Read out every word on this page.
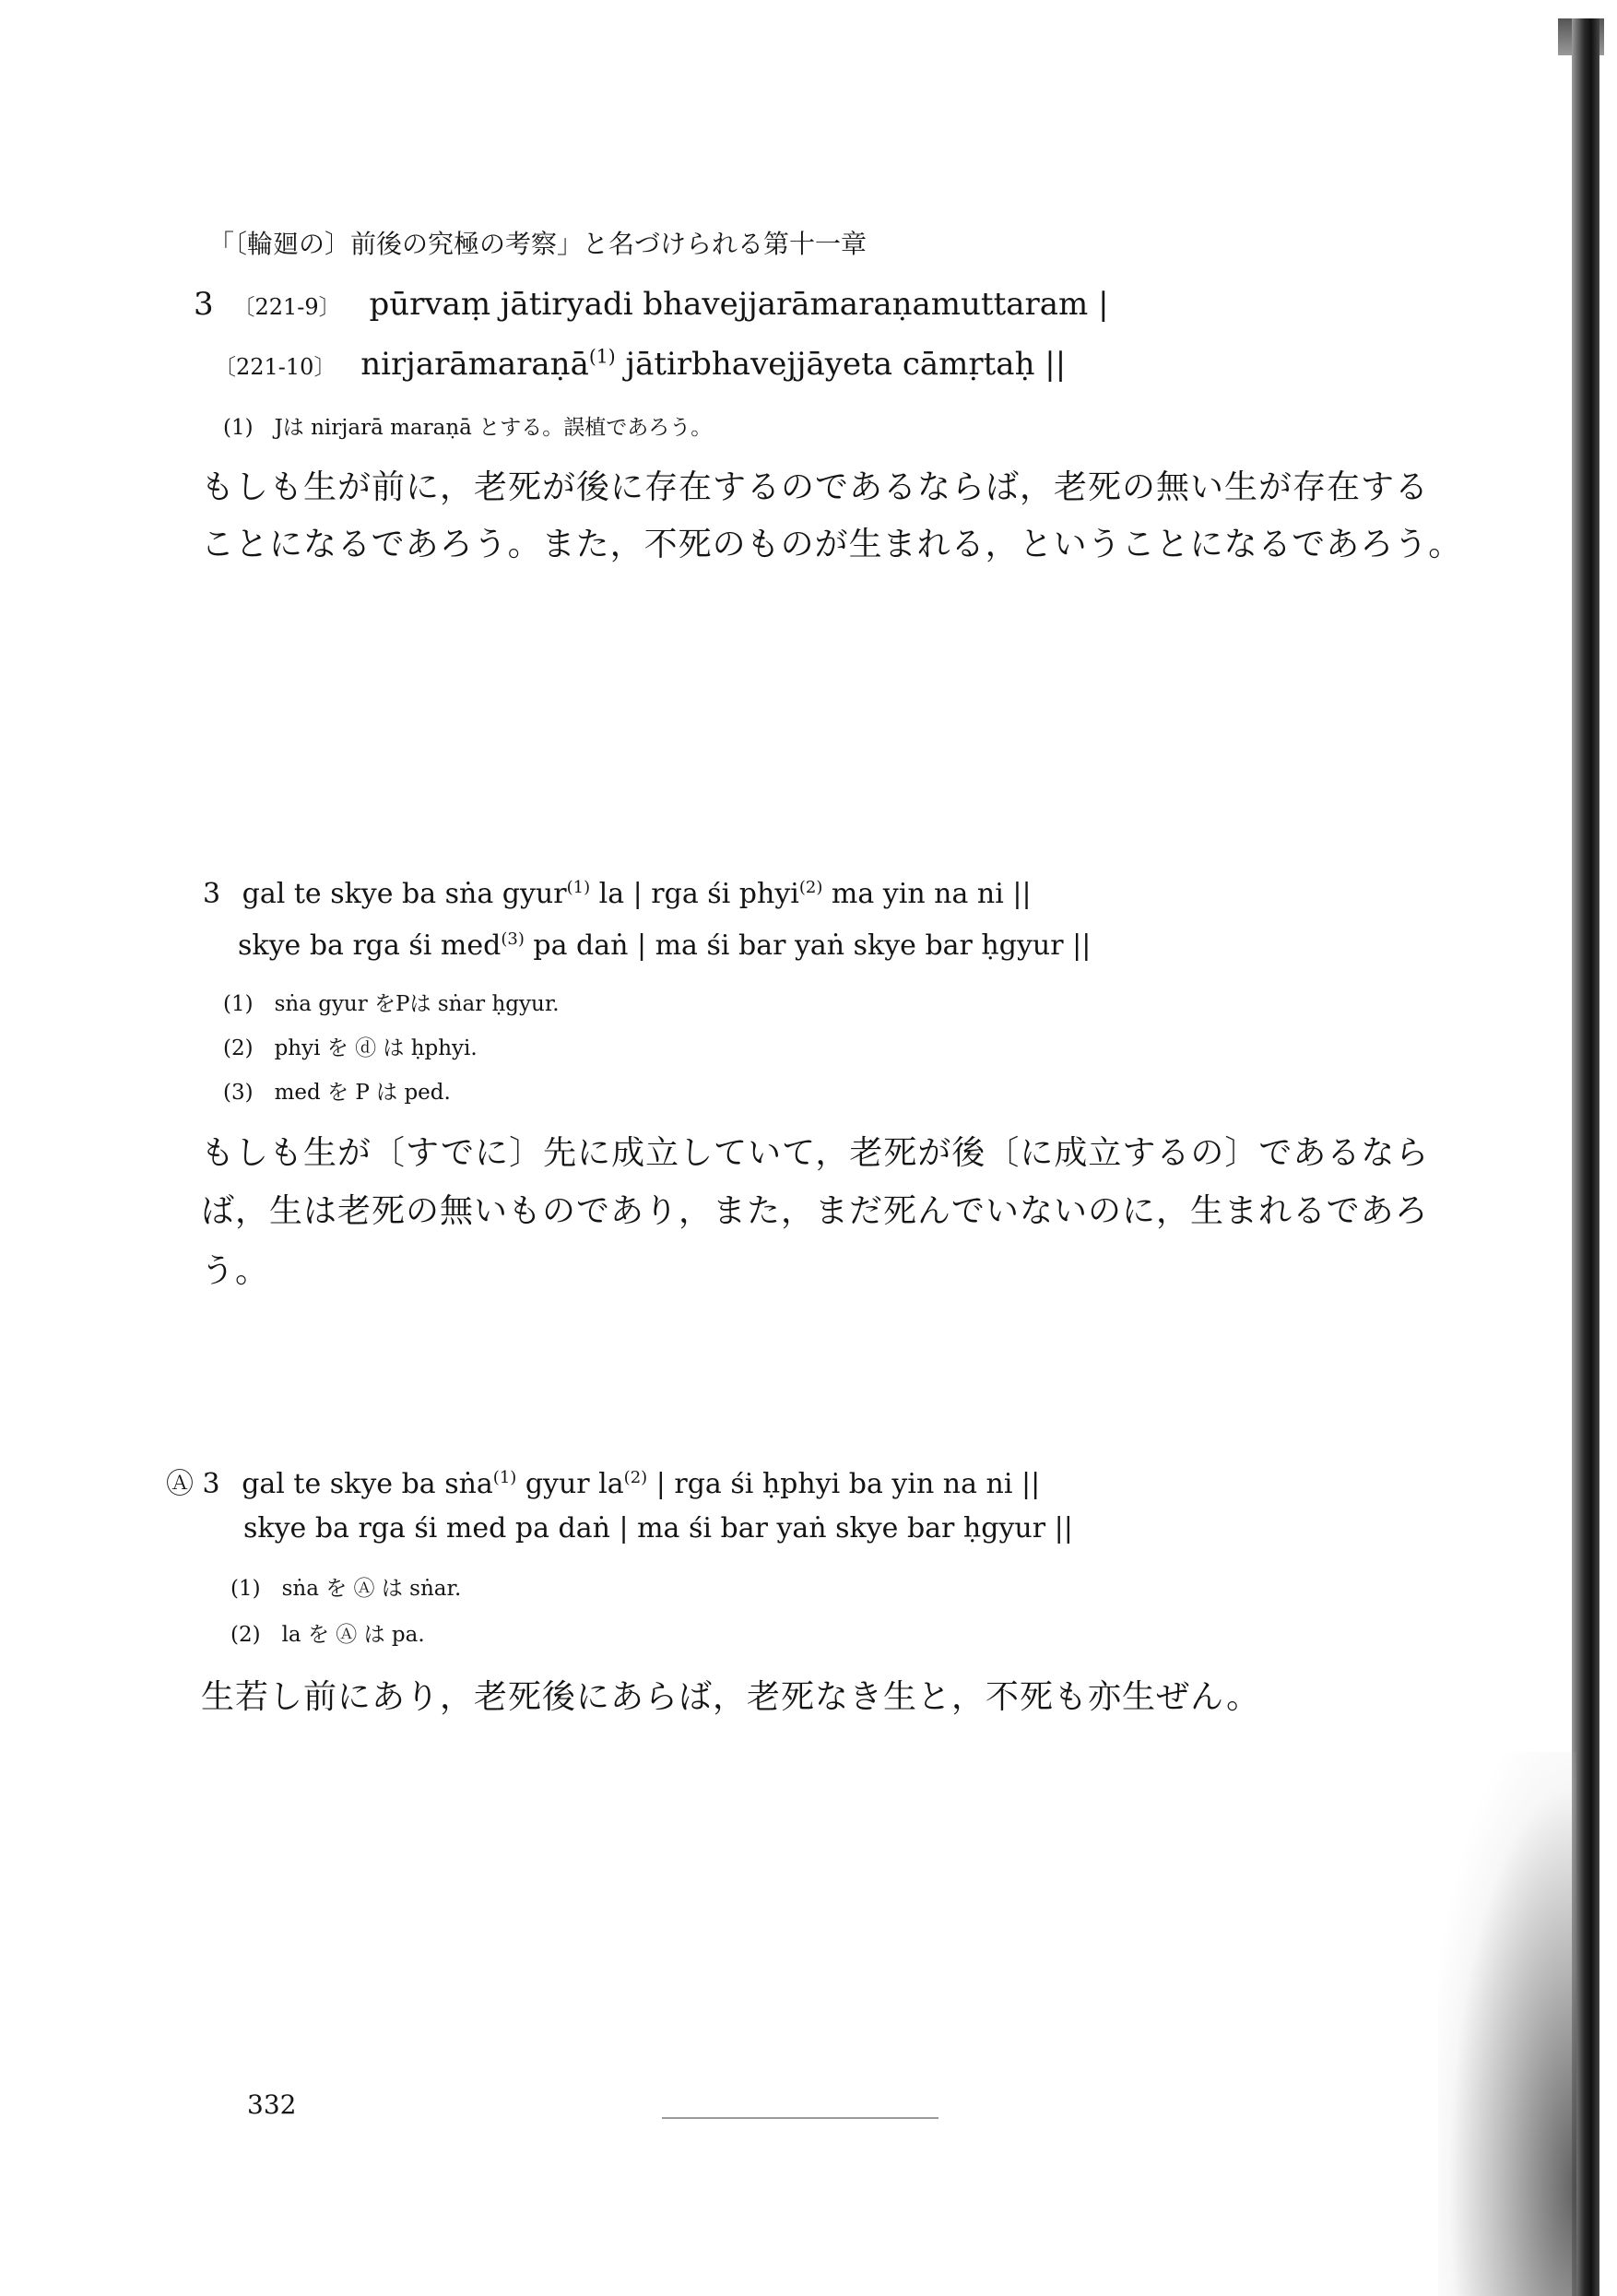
「〔輪廻の〕前後の究極の考察」と名づけられる第十一章
3 〔221-9〕 pūrvaṃ jātiryadi bhavejjarāmaraṇamuttaram |
〔221-10〕 nirjarāmaraṇā$^{(1)}$ jātirbhavejjāyeta cāmṛtaḥ ||
(1)　Jは nirjarā maraṇā とする。誤植であろう。
もしも生が前に，老死が後に存在するのであるならば，老死の無い生が存在する
ことになるであろう。また，不死のものが生まれる，ということになるであろう。
3 gal te skye ba sṅa gyur$^{(1)}$ la | rga śi phyi$^{(2)}$ ma yin na ni ||
skye ba rga śi med$^{(3)}$ pa daṅ | ma śi bar yaṅ skye bar ḥgyur ||
(1)　sṅa gyur をPは sṅar ḥgyur.
(2)　phyi を ⓓ は ḥphyi.
(3)　med を P は ped.
もしも生が〔すでに〕先に成立していて，老死が後〔に成立するの〕であるなら
ば，生は老死の無いものであり，また，まだ死んでいないのに，生まれるであろ
う。
Ⓐ 3 gal te skye ba sṅa$^{(1)}$ gyur $la^{(2)}$ | rga śi ḥphyi ba yin na ni ||
skye ba rga śi med pa daṅ | ma śi bar yaṅ skye bar ḥgyur ||
(1)　sṅa を Ⓐ は sṅar.
(2)　la を Ⓐ は pa.
生若し前にあり，老死後にあらば，老死なき生と，不死も亦生ぜん。
332
